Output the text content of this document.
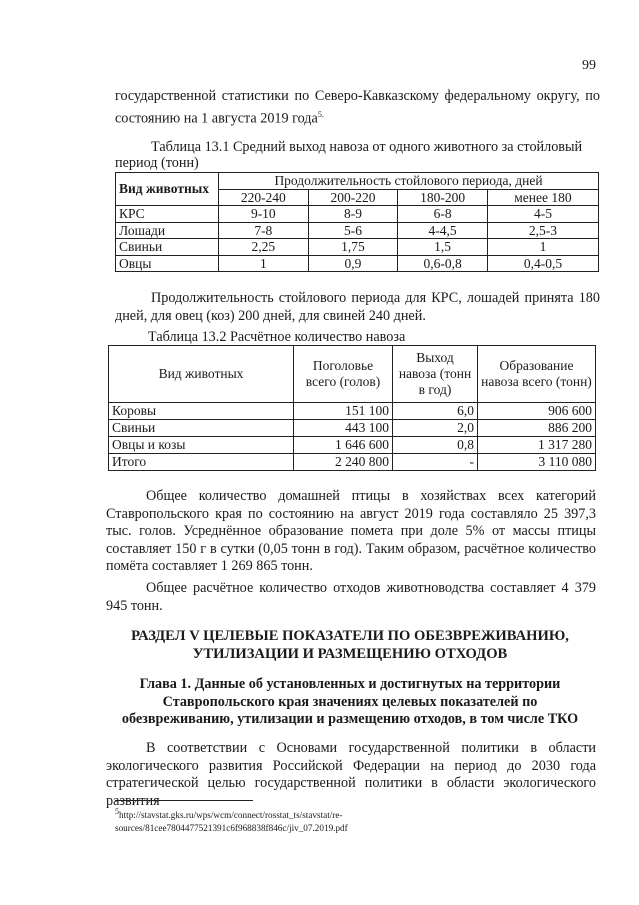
99

государственной статистики по Северо-Кавказскому федеральному округу, по состоянию на 1 августа 2019 года$^{5.}$

Таблица 13.1 Средний выход навоза от одного животного за стойловый период (тонн)

Вид животных	Продолжительность стойлового периода, дней			
	220-240	200-220	180-200	менее 180
КРС	9-10	8-9	6-8	4-5
Лошади	7-8	5-6	4-4,5	2,5-3
Свиньи	2,25	1,75	1,5	1
Овцы	1	0,9	0,6-0,8	0,4-0,5

Продолжительность стойлового периода для КРС, лошадей принята 180 дней, для овец (коз) 200 дней, для свиней 240 дней.

Таблица 13.2 Расчётное количество навоза

Вид животных	Поголовье всего (голов)	Выход навоза (тонн в год)	Образование навоза всего (тонн)
Коровы	151 100	6,0	906 600
Свиньи	443 100	2,0	886 200
Овцы и козы	1 646 600	0,8	1 317 280
Итого	2 240 800	-	3 110 080

Общее количество домашней птицы в хозяйствах всех категорий Ставропольского края по состоянию на август 2019 года составляло 25 397,3 тыс. голов. Усреднённое образование помета при доле 5% от массы птицы составляет 150 г в сутки (0,05 тонн в год). Таким образом, расчётное количество помёта составляет 1 269 865 тонн.

Общее расчётное количество отходов животноводства составляет 4 379 945 тонн.

РАЗДЕЛ V ЦЕЛЕВЫЕ ПОКАЗАТЕЛИ ПО ОБЕЗВРЕЖИВАНИЮ, УТИЛИЗАЦИИ И РАЗМЕЩЕНИЮ ОТХОДОВ

Глава 1. Данные об установленных и достигнутых на территории Ставропольского края значениях целевых показателей по обезвреживанию, утилизации и размещению отходов, в том числе ТКО

В соответствии с Основами государственной политики в области экологического развития Российской Федерации на период до 2030 года стратегической целью государственной политики в области экологического развития

$^5$http://stavstat.gks.ru/wps/wcm/connect/rosstat_ts/stavstat/re-sources/81cee7804477521391c6f968838f846c/jiv_07.2019.pdf
